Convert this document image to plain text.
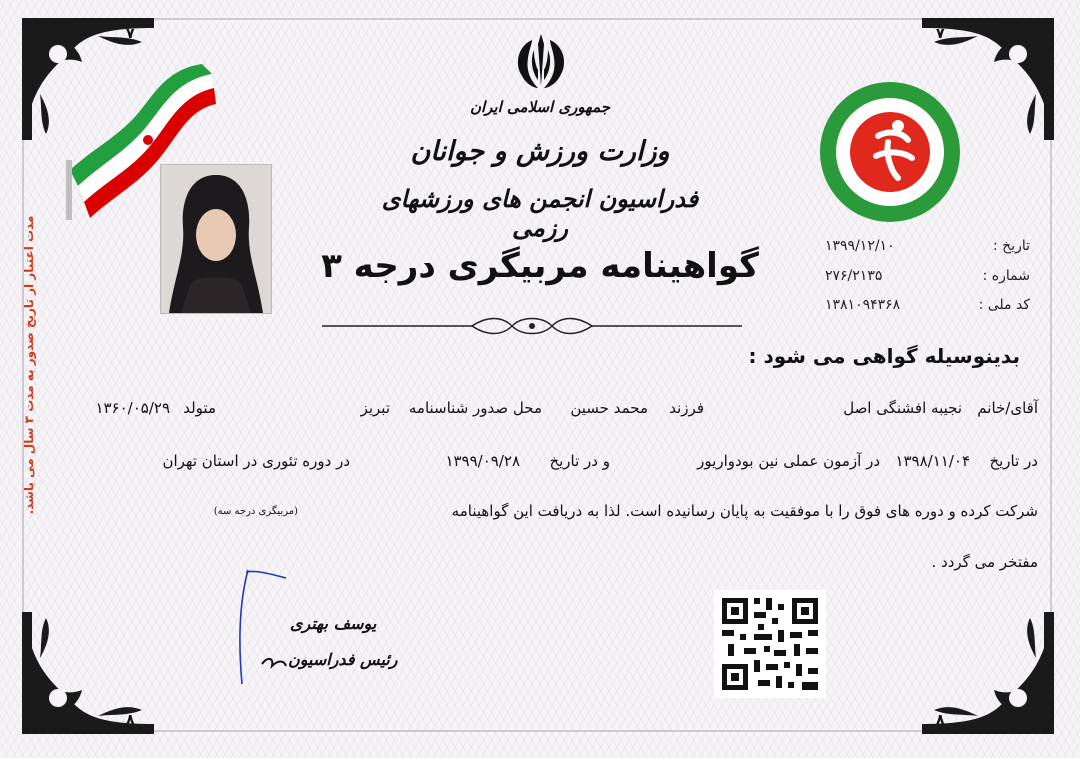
۷	۷
۸	۸
جمهوری اسلامی ایران
وزارت ورزش و جوانان
فدراسیون انجمن های ورزشهای رزمی
تاریخ :
۱۳۹۹/۱۲/۱۰
شماره :
۲۷۶/۲۱۳۵
کد ملی :
۱۳۸۱۰۹۴۳۶۸
گواهینامه مربیگری درجه ۳
بدینوسیله گواهی می شود :
آقای/خانم
نجیبه افشنگی اصل
فرزند
محمد حسین
محل صدور شناسنامه
تبریز
متولد
۱۳۶۰/۰۵/۲۹
در تاریخ
۱۳۹۸/۱۱/۰۴
در آزمون عملی نین بودواریور
و در تاریخ
۱۳۹۹/۰۹/۲۸
در دوره تئوری در استان تهران
شرکت کرده و دوره های فوق را با موفقیت به پایان رسانیده است. لذا به دریافت این گواهینامه
(مربیگری درجه سه)
مفتخر می گردد .
مدت اعتبار از تاریخ صدور به مدت ۳ سال می باشد.
یوسف بهتری
رئیس فدراسیون
